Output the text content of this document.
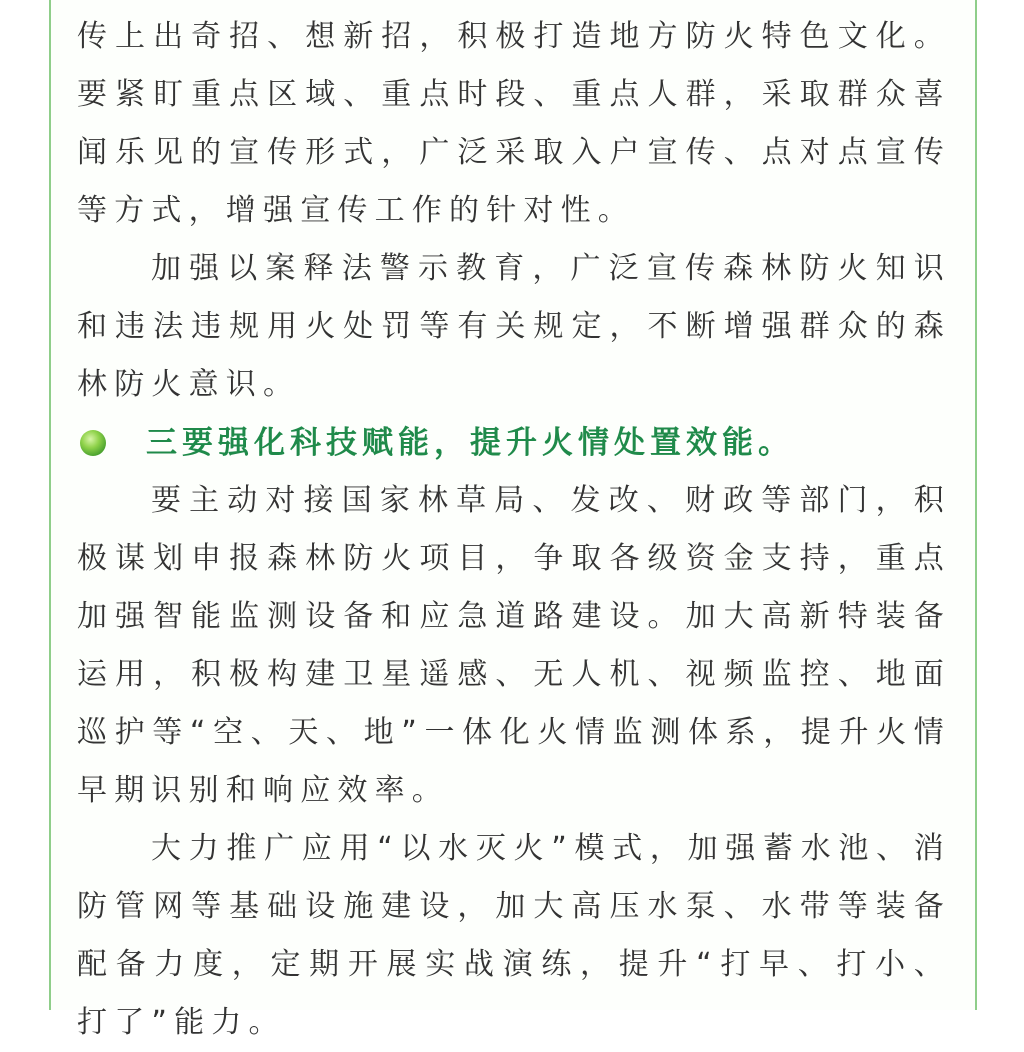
传上出奇招、想新招，积极打造地方防火特色文化。要紧盯重点区域、重点时段、重点人群，采取群众喜闻乐见的宣传形式，广泛采取入户宣传、点对点宣传等方式，增强宣传工作的针对性。

加强以案释法警示教育，广泛宣传森林防火知识和违法违规用火处罚等有关规定，不断增强群众的森林防火意识。

三要强化科技赋能，提升火情处置效能。

要主动对接国家林草局、发改、财政等部门，积极谋划申报森林防火项目，争取各级资金支持，重点加强智能监测设备和应急道路建设。加大高新特装备运用，积极构建卫星遥感、无人机、视频监控、地面巡护等“空、天、地”一体化火情监测体系，提升火情早期识别和响应效率。

大力推广应用“以水灭火”模式，加强蓄水池、消防管网等基础设施建设，加大高压水泵、水带等装备配备力度，定期开展实战演练，提升“打早、打小、打了”能力。
